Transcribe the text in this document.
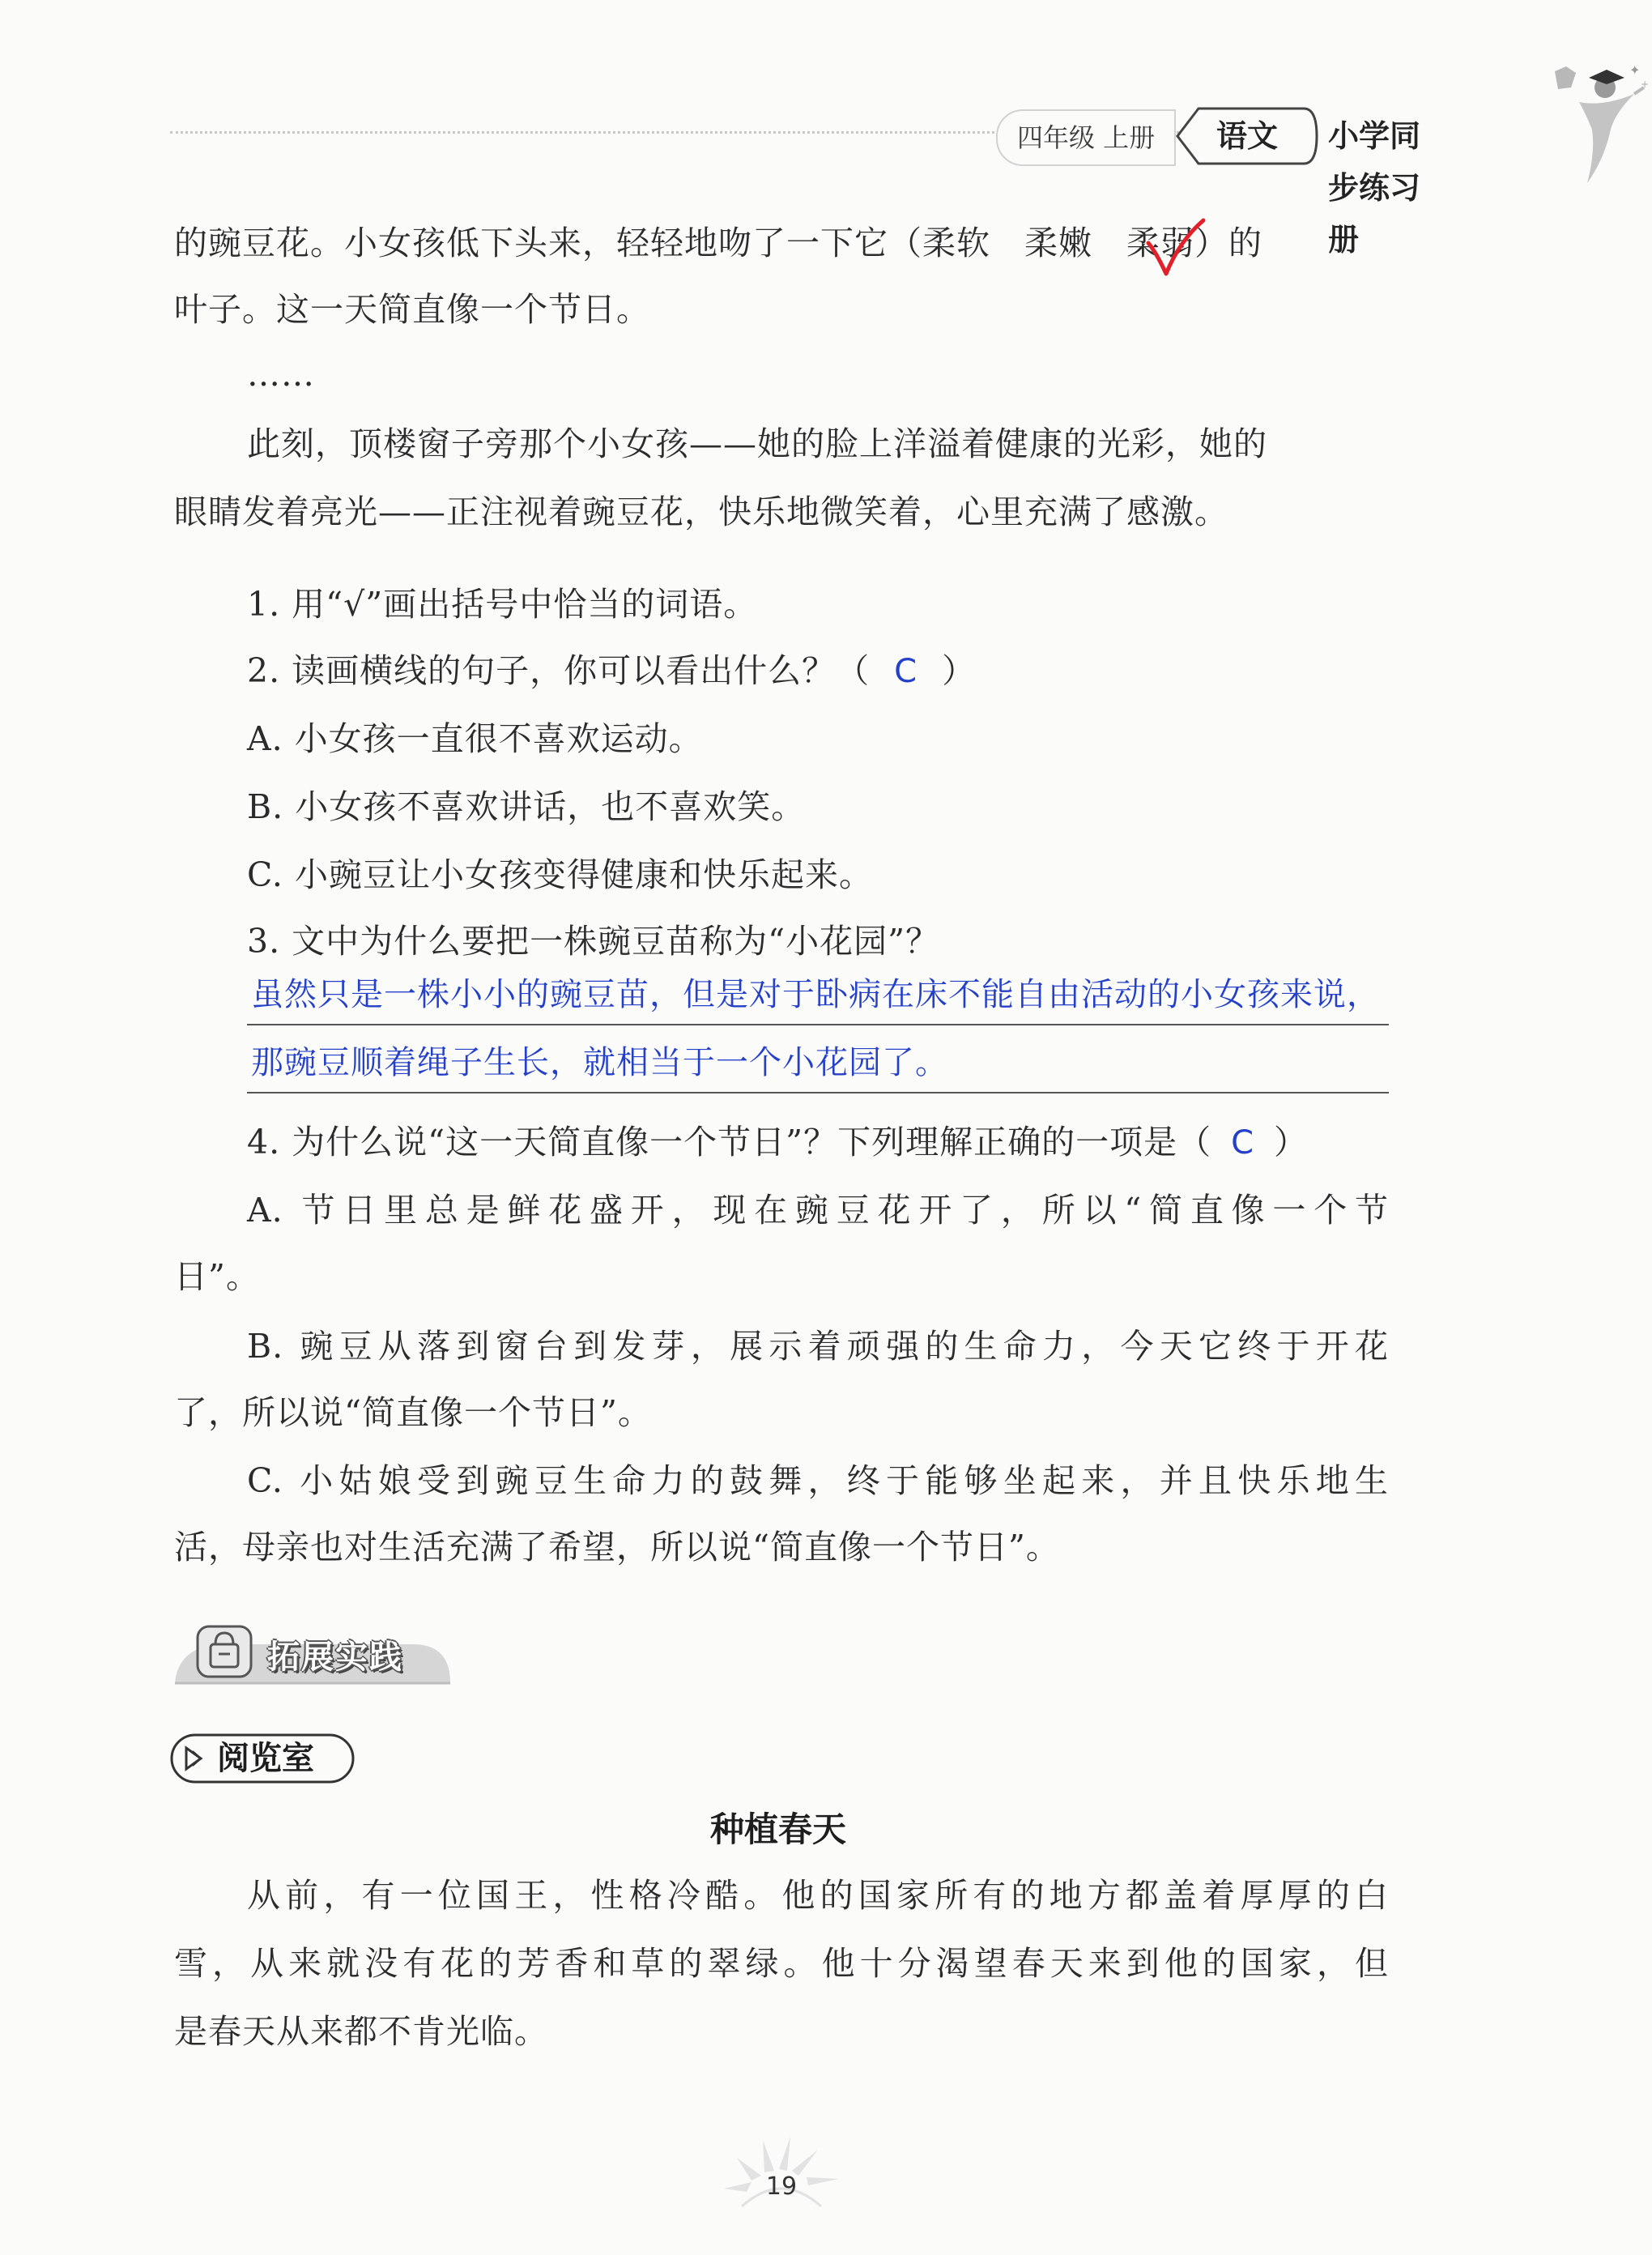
四年级 上册	语文	小学同步练习册
✦
+
的豌豆花。小女孩低下头来，轻轻地吻了一下它（柔软　柔嫩　柔弱）的
叶子。这一天简直像一个节日。
……
此刻，顶楼窗子旁那个小女孩——她的脸上洋溢着健康的光彩，她的
眼睛发着亮光——正注视着豌豆花，快乐地微笑着，心里充满了感激。
1. 用“√”画出括号中恰当的词语。
2. 读画横线的句子，你可以看出什么？（ C ）
A. 小女孩一直很不喜欢运动。
B. 小女孩不喜欢讲话，也不喜欢笑。
C. 小豌豆让小女孩变得健康和快乐起来。
3. 文中为什么要把一株豌豆苗称为“小花园”？
虽然只是一株小小的豌豆苗，但是对于卧病在床不能自由活动的小女孩来说，
那豌豆顺着绳子生长，就相当于一个小花园了。
4. 为什么说“这一天简直像一个节日”？下列理解正确的一项是（ C ）
A. 节日里总是鲜花盛开，现在豌豆花开了，所以“简直像一个节
日”。
B. 豌豆从落到窗台到发芽，展示着顽强的生命力，今天它终于开花
了，所以说“简直像一个节日”。
C. 小姑娘受到豌豆生命力的鼓舞，终于能够坐起来，并且快乐地生
活，母亲也对生活充满了希望，所以说“简直像一个节日”。
拓展实践
阅览室
种植春天
从前，有一位国王，性格冷酷。他的国家所有的地方都盖着厚厚的白
雪，从来就没有花的芳香和草的翠绿。他十分渴望春天来到他的国家，但
是春天从来都不肯光临。
19
